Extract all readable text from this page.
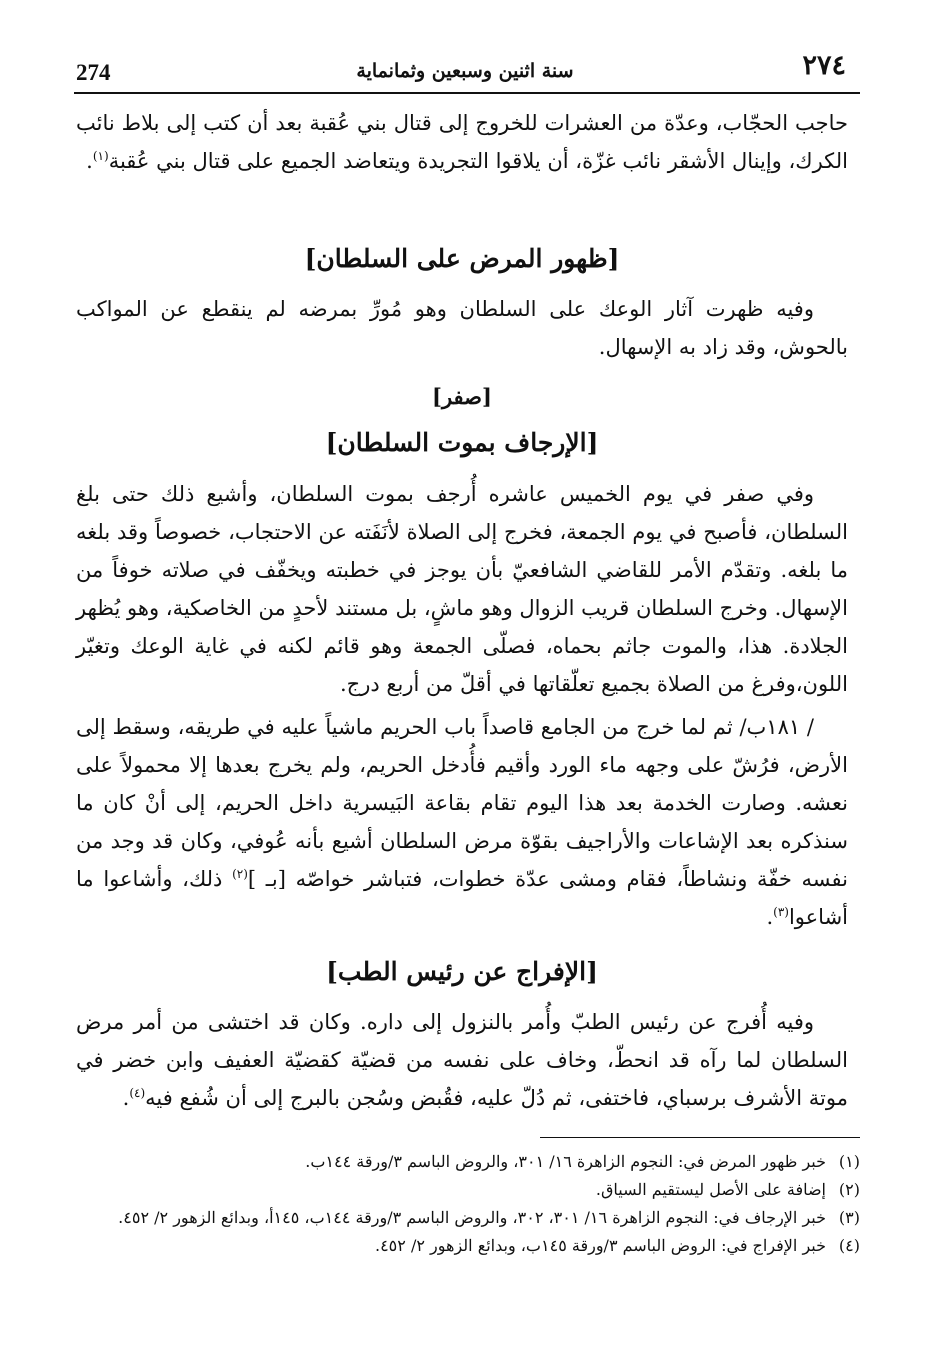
274	سنة اثنين وسبعين وثمانماية	٢٧٤

حاجب الحجّاب، وعدّة من العشرات للخروج إلى قتال بني عُقبة بعد أن كتب إلى بلاط نائب الكرك، وإينال الأشقر نائب غزّة، أن يلاقوا التجريدة ويتعاضد الجميع على قتال بني عُقبة$^{(١)}$.

[ظهور المرض على السلطان]

وفيه ظهرت آثار الوعك على السلطان وهو مُورِّ بمرضه لم ينقطع عن المواكب بالحوش، وقد زاد به الإسهال.

[صفر]
[الإرجاف بموت السلطان]

وفي صفر في يوم الخميس عاشره أُرجف بموت السلطان، وأشيع ذلك حتى بلغ السلطان، فأصبح في يوم الجمعة، فخرج إلى الصلاة لأنَفَته عن الاحتجاب، خصوصاً وقد بلغه ما بلغه. وتقدّم الأمر للقاضي الشافعيّ بأن يوجز في خطبته ويخفّف في صلاته خوفاً من الإسهال. وخرج السلطان قريب الزوال وهو ماشٍ، بل مستند لأحدٍ من الخاصكية، وهو يُظهر الجلادة. هذا، والموت جاثم بحماه، فصلّى الجمعة وهو قائم لكنه في غاية الوعك وتغيّر اللون،وفرغ من الصلاة بجميع تعلّقاتها في أقلّ من أربع درج.

/ ١٨١ب/ ثم لما خرج من الجامع قاصداً باب الحريم ماشياً عليه في طريقه، وسقط إلى الأرض، فرُشّ على وجهه ماء الورد وأقيم فأُدخل الحريم، ولم يخرج بعدها إلا محمولاً على نعشه. وصارت الخدمة بعد هذا اليوم تقام بقاعة البَيسرية داخل الحريم، إلى أنْ كان ما سنذكره بعد الإشاعات والأراجيف بقوّة مرض السلطان أشيع بأنه عُوفي، وكان قد وجد من نفسه خفّة ونشاطاً، فقام ومشى عدّة خطوات، فتباشر خواصّه [بـ ]$^{(٢)}$ ذلك، وأشاعوا ما أشاعوا$^{(٣)}$.

[الإفراج عن رئيس الطب]

وفيه أُفرج عن رئيس الطبّ وأُمر بالنزول إلى داره. وكان قد اختشى من أمر مرض السلطان لما رآه قد انحطّ، وخاف على نفسه من قضيّة كقضيّة العفيف وابن خضر في موتة الأشرف برسباي، فاختفى، ثم دُلّ عليه، فقُبض وسُجن بالبرج إلى أن شُفع فيه$^{(٤)}$.

(١)
خبر ظهور المرض في: النجوم الزاهرة ١٦/ ٣٠١، والروض الباسم ٣/ورقة ١٤٤ب.
(٢)
إضافة على الأصل ليستقيم السياق.
(٣)
خبر الإرجاف في: النجوم الزاهرة ١٦/ ٣٠١، ٣٠٢، والروض الباسم ٣/ورقة ١٤٤ب، ١٤٥أ، وبدائع الزهور ٢/ ٤٥٢.
(٤)
خبر الإفراج في: الروض الباسم ٣/ورقة ١٤٥ب، وبدائع الزهور ٢/ ٤٥٢.
